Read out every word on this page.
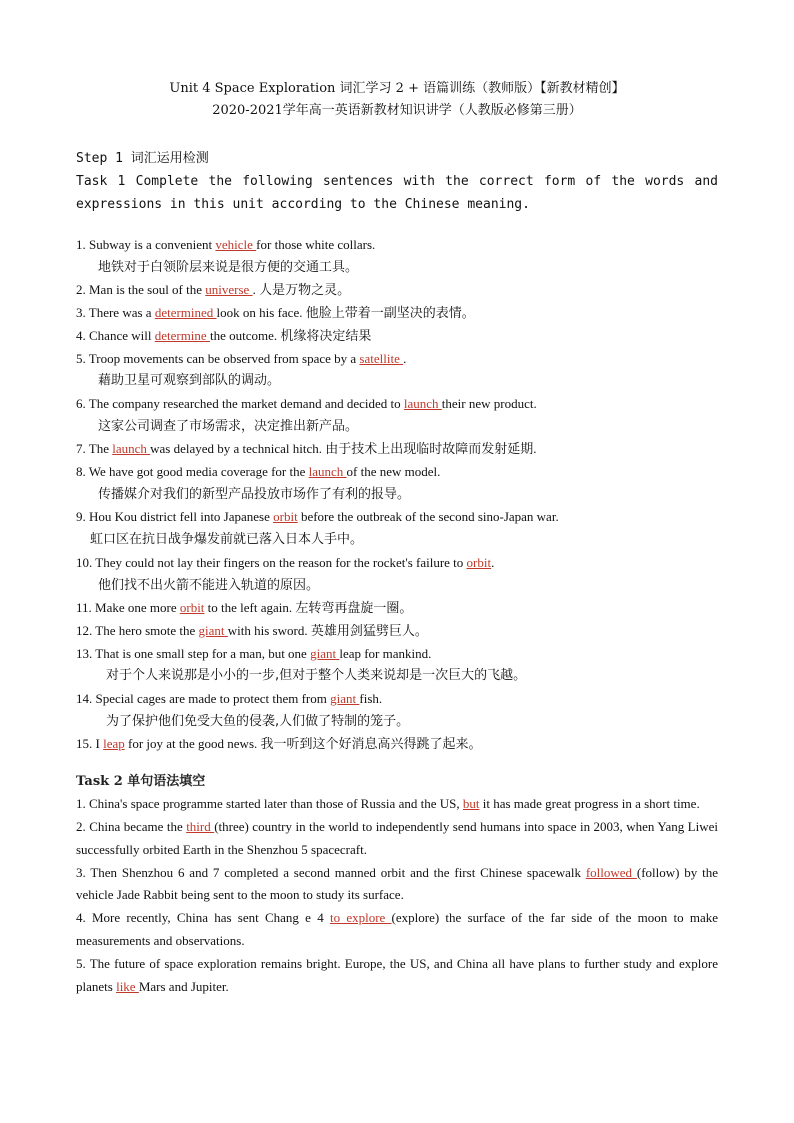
Unit 4 Space Exploration 词汇学习 2 + 语篇训练（教师版）【新教材精创】
2020-2021学年高一英语新教材知识讲学（人教版必修第三册）
Step 1 词汇运用检测
Task 1 Complete the following sentences with the correct form of the words and expressions in this unit according to the Chinese meaning.
1. Subway is a convenient vehicle for those white collars.
地铁对于白领阶层来说是很方便的交通工具。
2. Man is the soul of the universe . 人是万物之灵。
3. There was a determined look on his face. 他脸上带着一副坚决的表情。
4. Chance will determine the outcome. 机缘将决定结果
5. Troop movements can be observed from space by a satellite .
藉助卫星可观察到部队的调动。
6. The company researched the market demand and decided to launch their new product.
这家公司调查了市场需求，决定推出新产品。
7. The launch was delayed by a technical hitch. 由于技术上出现临时故障而发射延期.
8. We have got good media coverage for the launch of the new model.
传播媒介对我们的新型产品投放市场作了有利的报导。
9. Hou Kou district fell into Japanese orbit before the outbreak of the second sino-Japan war.
虹口区在抗日战争爆发前就已落入日本人手中。
10. They could not lay their fingers on the reason for the rocket's failure to orbit.
他们找不出火箭不能进入轨道的原因。
11. Make one more orbit to the left again. 左转弯再盘旋一圈。
12. The hero smote the giant with his sword. 英雄用剑猛劈巨人。
13. That is one small step for a man, but one giant leap for mankind.
对于个人来说那是小小的一步,但对于整个人类来说却是一次巨大的飞越。
14. Special cages are made to protect them from giant fish.
为了保护他们免受大鱼的侵袭,人们做了特制的笼子。
15. I leap for joy at the good news. 我一听到这个好消息高兴得跳了起来。
Task 2 单句语法填空
1. China's space programme started later than those of Russia and the US, but it has made great progress in a short time.
2. China became the third (three) country in the world to independently send humans into space in 2003, when Yang Liwei successfully orbited Earth in the Shenzhou 5 spacecraft.
3. Then Shenzhou 6 and 7 completed a second manned orbit and the first Chinese spacewalk followed (follow) by the vehicle Jade Rabbit being sent to the moon to study its surface.
4. More recently, China has sent Chang e 4 to explore (explore) the surface of the far side of the moon to make measurements and observations.
5. The future of space exploration remains bright. Europe, the US, and China all have plans to further study and explore planets like Mars and Jupiter.
